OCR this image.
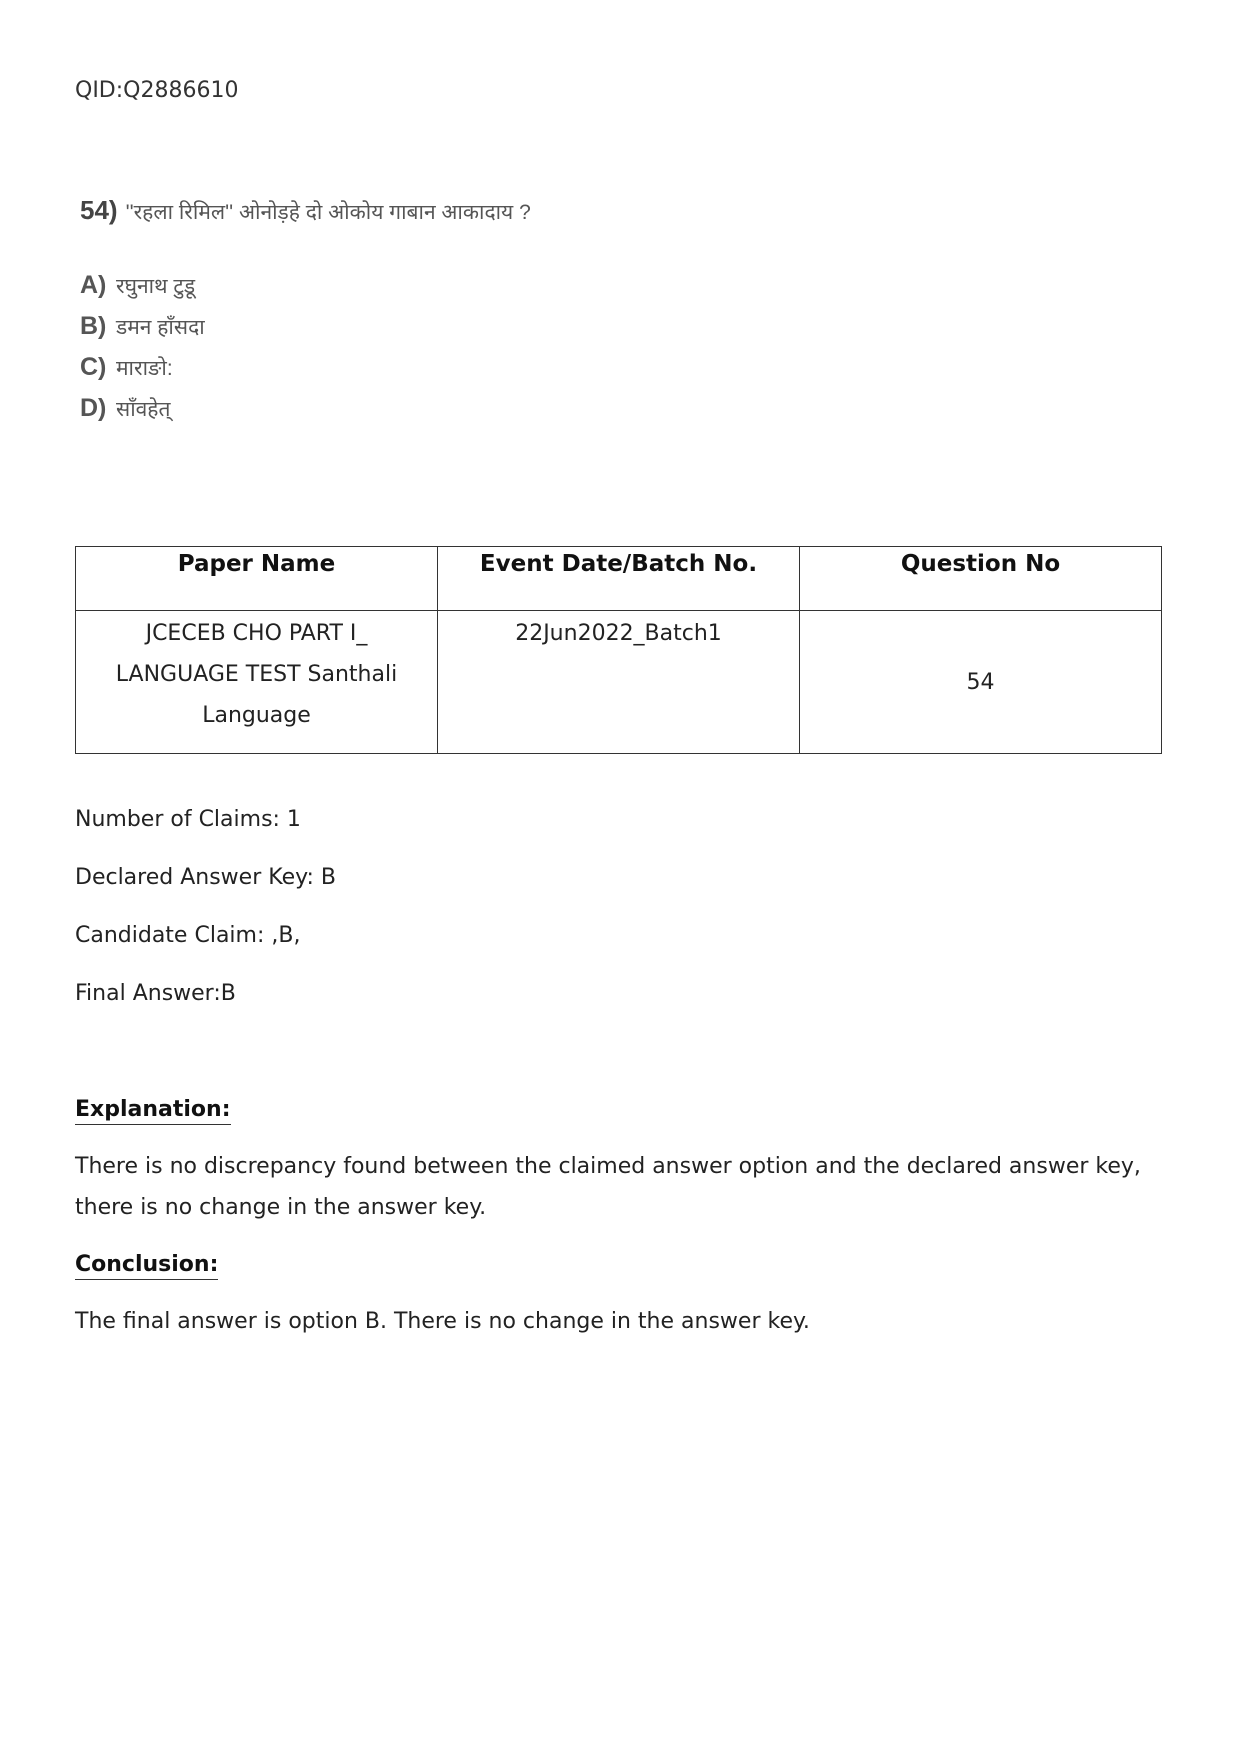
QID:Q2886610
54) ''रहला रिमिल'' ओनोड़हे दो ओकोय गाबान आकादाय ?
A) रघुनाथ टुडू
B) डमन हाँसदा
C) माराङो:
D) साँवहेत्
Paper Name	Event Date/Batch No.	Question No
JCECEB CHO PART I_ LANGUAGE TEST Santhali Language	22Jun2022_Batch1	54
Number of Claims: 1
Declared Answer Key: B
Candidate Claim: ,B,
Final Answer:B
Explanation:
There is no discrepancy found between the claimed answer option and the declared answer key, there is no change in the answer key.
Conclusion:
The final answer is option B. There is no change in the answer key.
